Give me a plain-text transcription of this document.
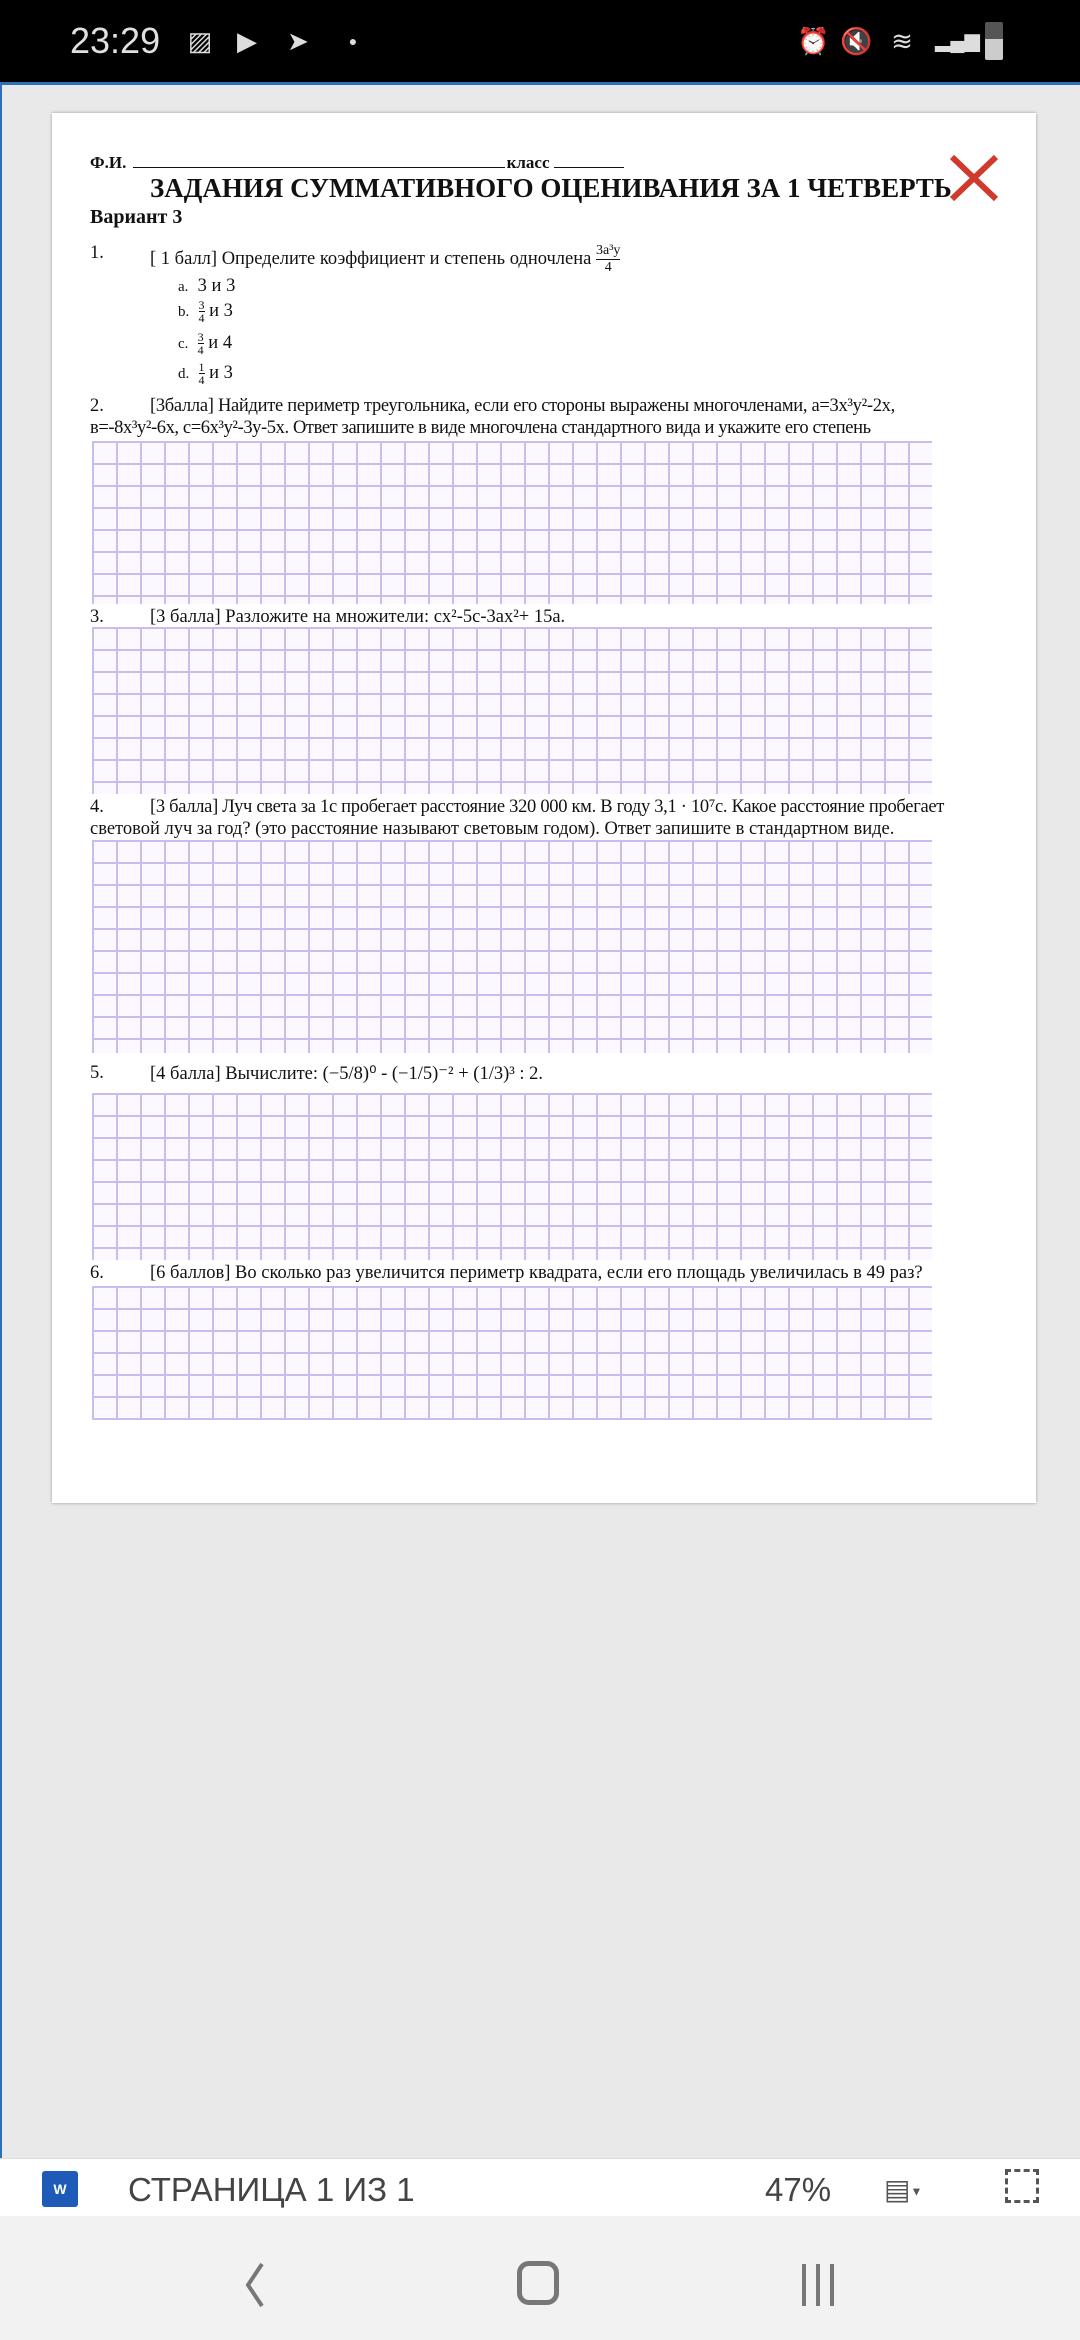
23:29 ▨ ▶ ➤	●	⏰ 🔇 ≋ ▂▄▆
Ф.И.	класс
ЗАДАНИЯ СУММАТИВНОГО ОЦЕНИВАНИЯ ЗА 1 ЧЕТВЕРТЬ
Вариант 3
1. [ 1 балл] Определите коэффициент и степень одночлена $\frac{\text{3a³y}}{4}$
a. 3 и 3
b. $\frac{3}{4}$ и 3
c. $\frac{3}{4}$ и 4
d. $\frac{1}{4}$ и 3
2. [3балла] Найдите периметр треугольника, если его стороны выражены многочленами, а=3x³y²-2x,
в=-8x³y²-6x, с=6x³y²-3y-5x. Ответ запишите в виде многочлена стандартного вида и укажите его степень
3. [3 балла] Разложите на множители: cx²-5c-3ax²+ 15a.
4. [3 балла] Луч света за 1с пробегает расстояние 320 000 км. В году 3,1 · 10⁷с. Какое расстояние пробегает
световой луч за год? (это расстояние называют световым годом). Ответ запишите в стандартном виде.
5. [4 балла] Вычислите: (−5/8)⁰ - (−1/5)⁻² + (1/3)³ : 2.
6. [6 баллов] Во сколько раз увеличится периметр квадрата, если его площадь увеличилась в 49 раз?
W	СТРАНИЦА 1 ИЗ 1	47% ▤▼
